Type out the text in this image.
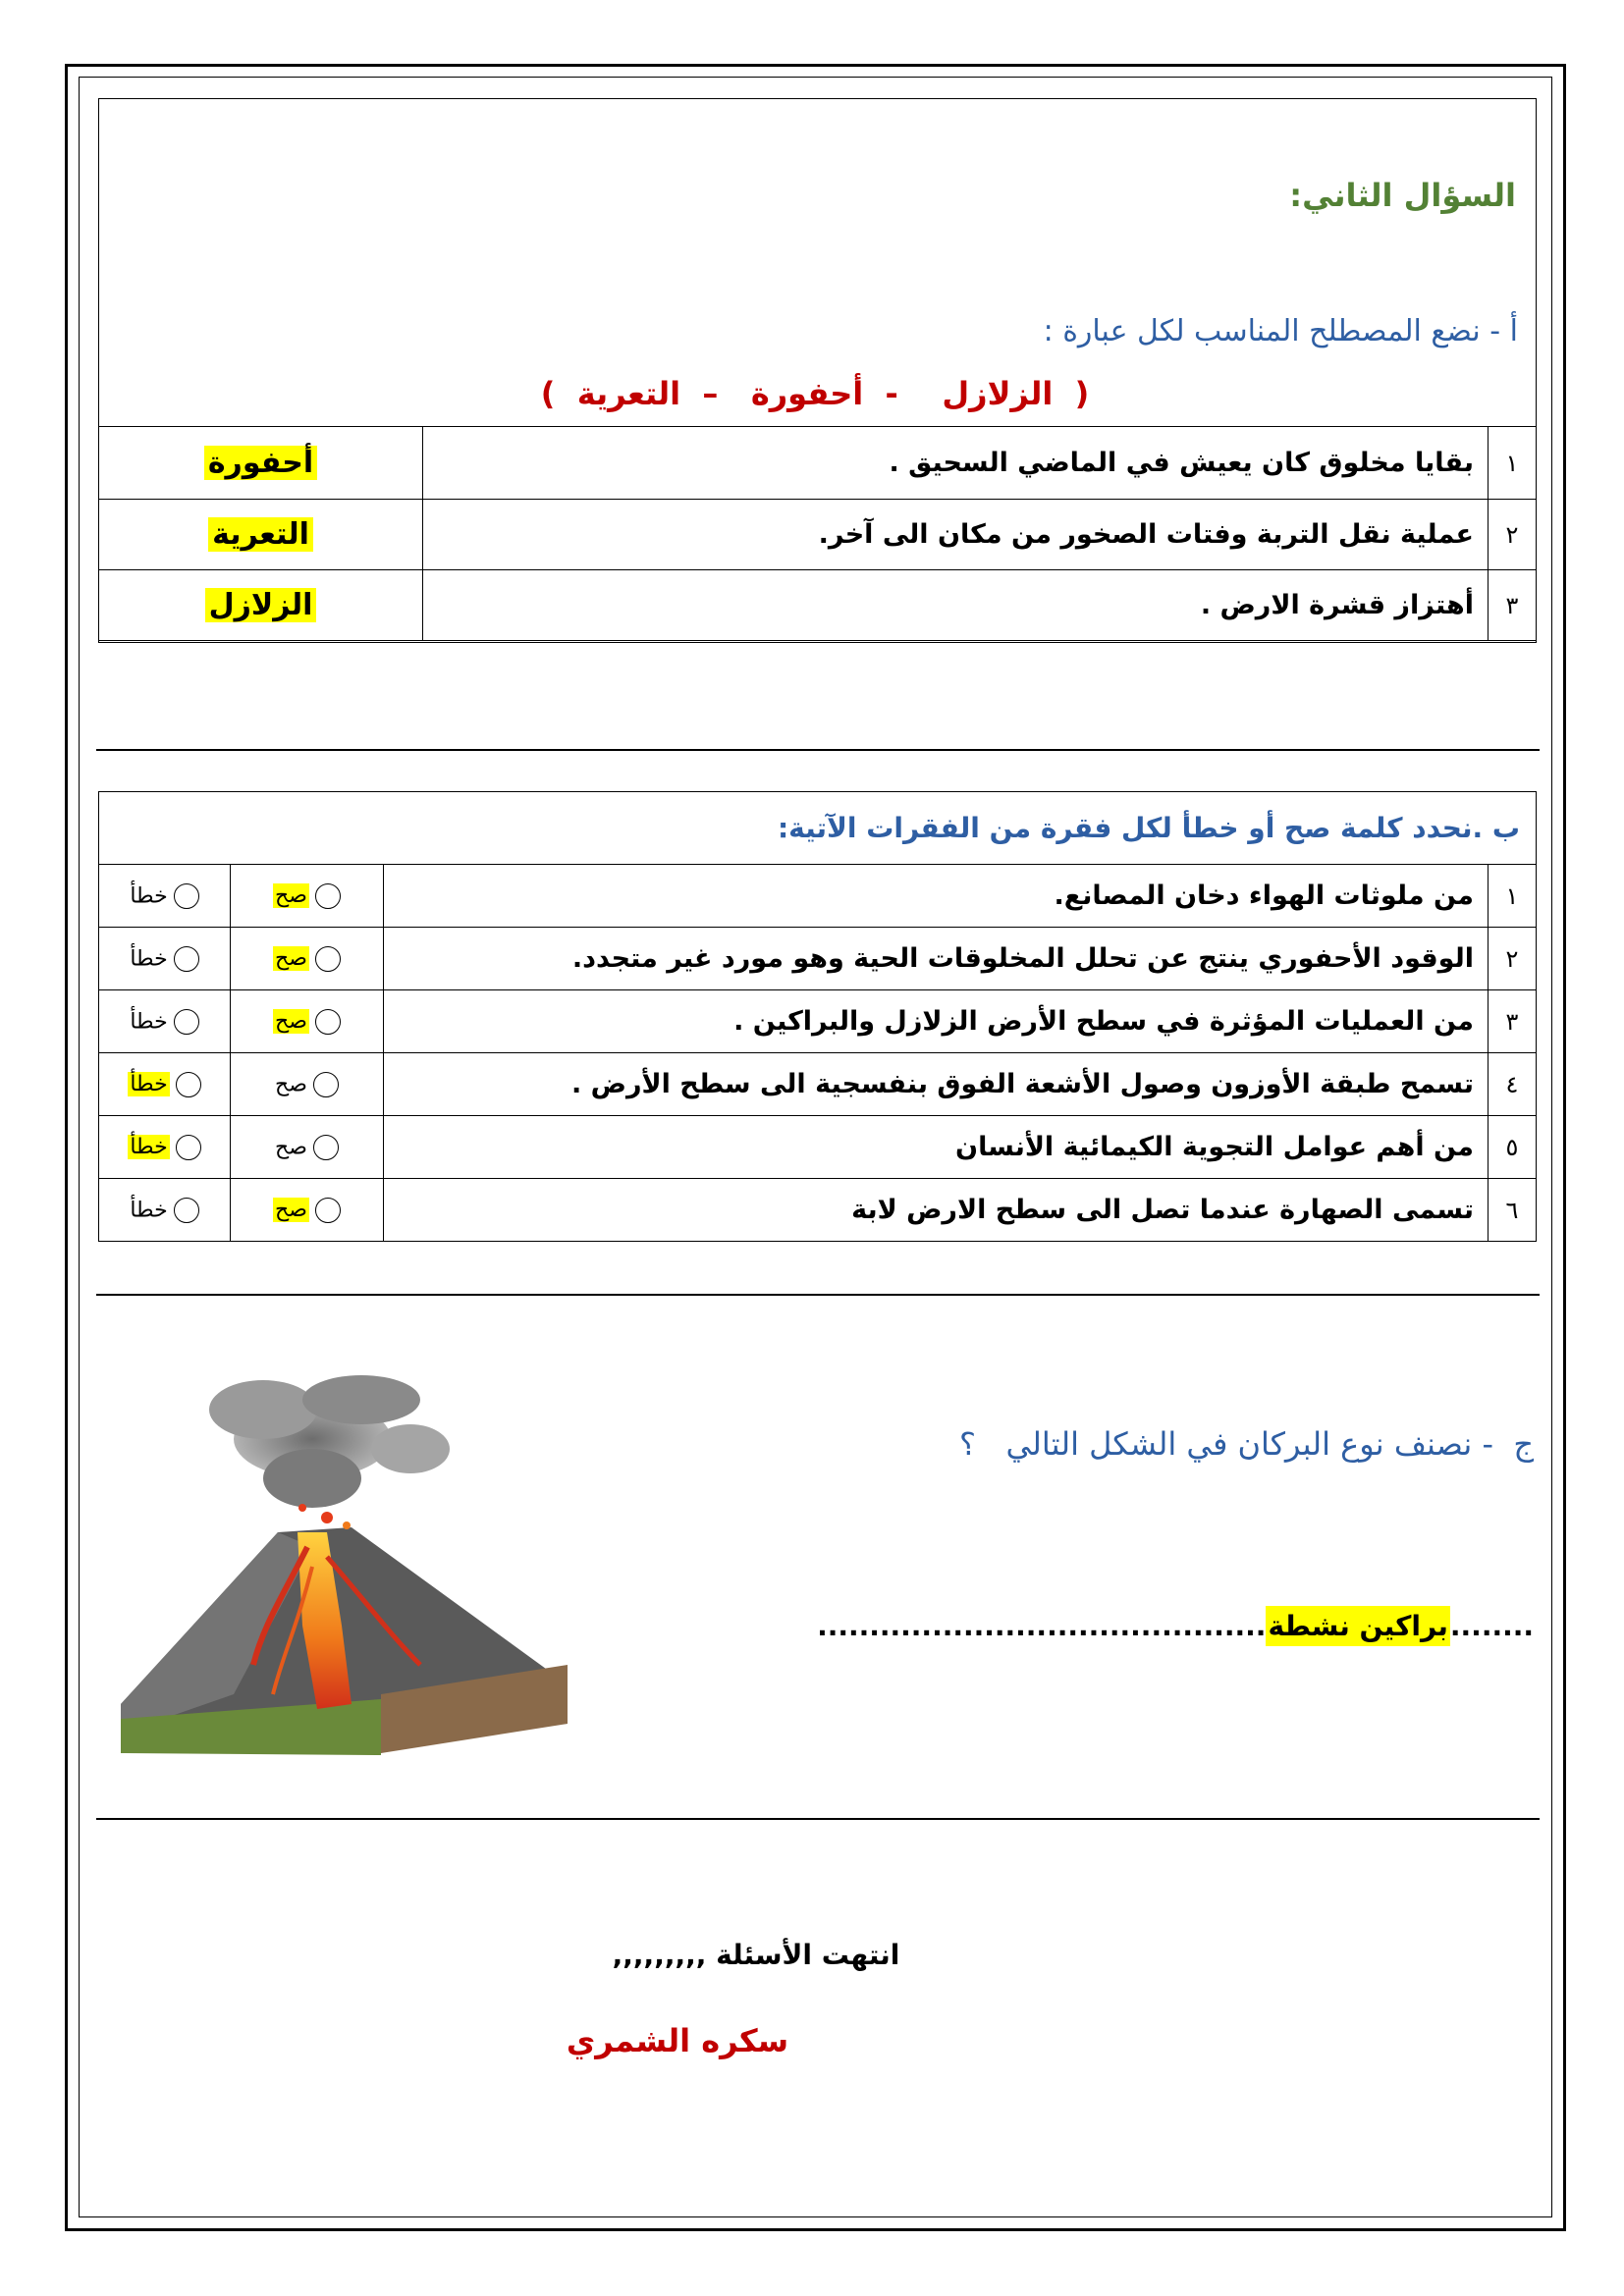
السؤال الثاني:
أ - نضع المصطلح المناسب لكل عبارة :
(  الزلازل    -  أحفورة   –  التعرية  )
١	بقايا مخلوق كان يعيش في الماضي السحيق .	أحفورة
٢	عملية نقل التربة وفتات الصخور من مكان الى آخر.	التعرية
٣	أهتزاز قشرة الارض .	الزلازل
ب .نحدد كلمة صح أو خطأ لكل فقرة من الفقرات الآتية:			
١	من ملوثات الهواء دخان المصانع.	صح	خطأ
٢	الوقود الأحفوري ينتج عن تحلل المخلوقات الحية وهو مورد غير متجدد.	صح	خطأ
٣	من العمليات المؤثرة في سطح الأرض الزلازل والبراكين .	صح	خطأ
٤	تسمح طبقة الأوزون وصول الأشعة الفوق بنفسجية الى سطح الأرض .	صح	خطأ
٥	من أهم عوامل التجوية الكيمائية الأنسان	صح	خطأ
٦	تسمى الصهارة عندما تصل الى سطح الارض لابة	صح	خطأ
ج  - نصنف نوع البركان في الشكل التالي   ؟
........براكين نشطة...........................................
انتهت الأسئلة ,,,,,,,,,
سكره الشمري
